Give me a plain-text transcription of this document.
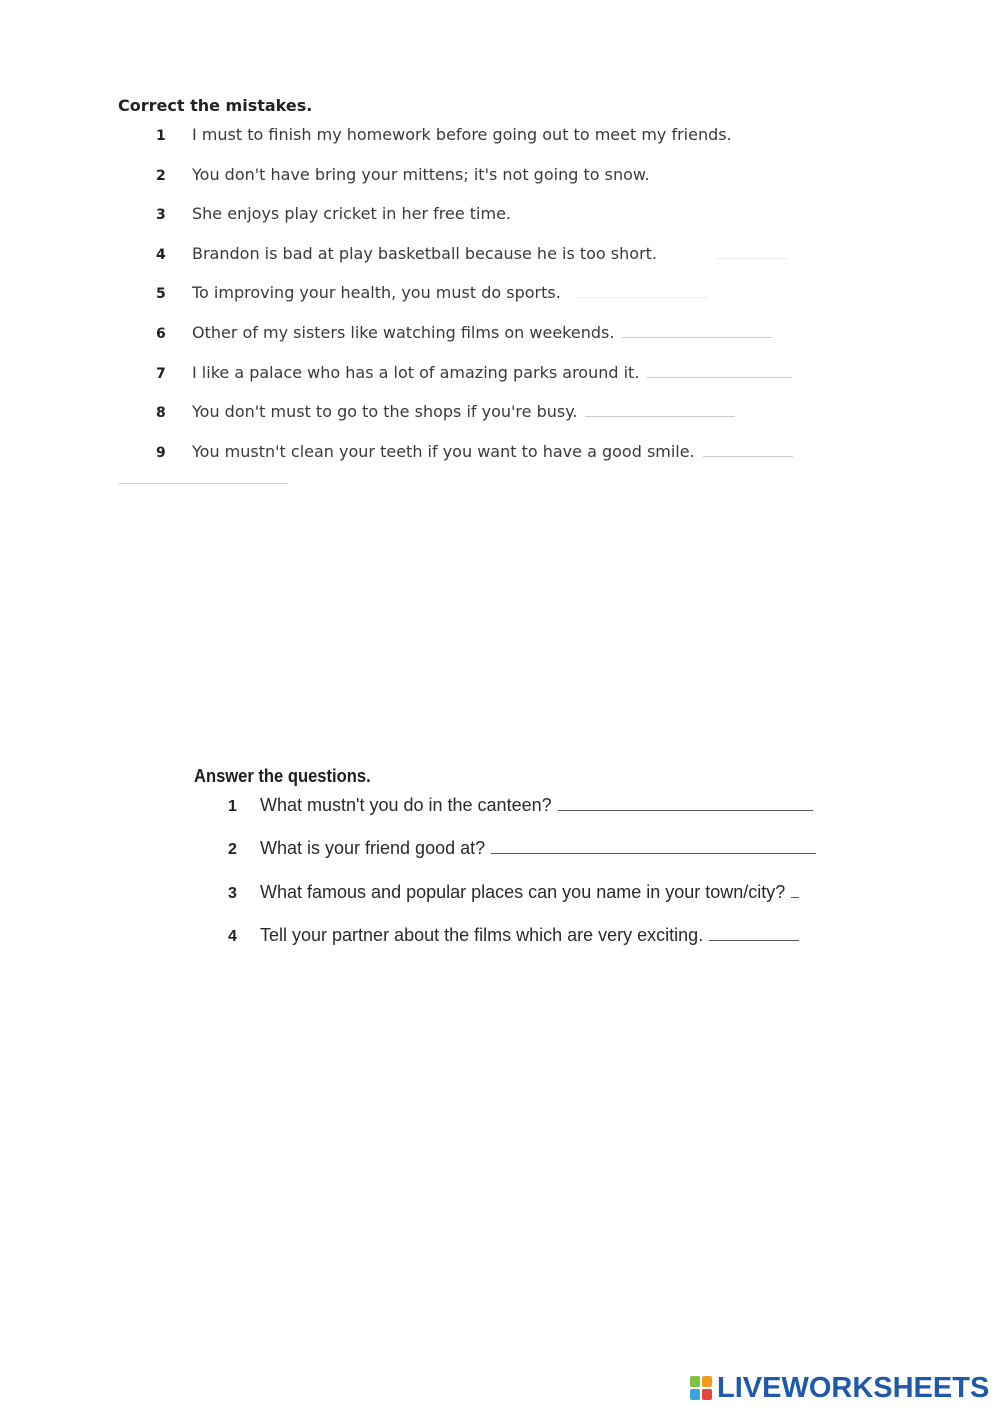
Correct the mistakes.
1	I must to finish my homework before going out to meet my friends.
2	You don't have bring your mittens; it's not going to snow.
3	She enjoys play cricket in her free time.
4	Brandon is bad at play basketball because he is too short.
5	To improving your health, you must do sports.
6	Other of my sisters like watching films on weekends.
7	I like a palace who has a lot of amazing parks around it.
8	You don't must to go to the shops if you're busy.
9	You mustn't clean your teeth if you want to have a good smile.
Answer the questions.
1	What mustn't you do in the canteen?
2	What is your friend good at?
3	What famous and popular places can you name in your town/city?
4	Tell your partner about the films which are very exciting.
LIVEWORKSHEETS
